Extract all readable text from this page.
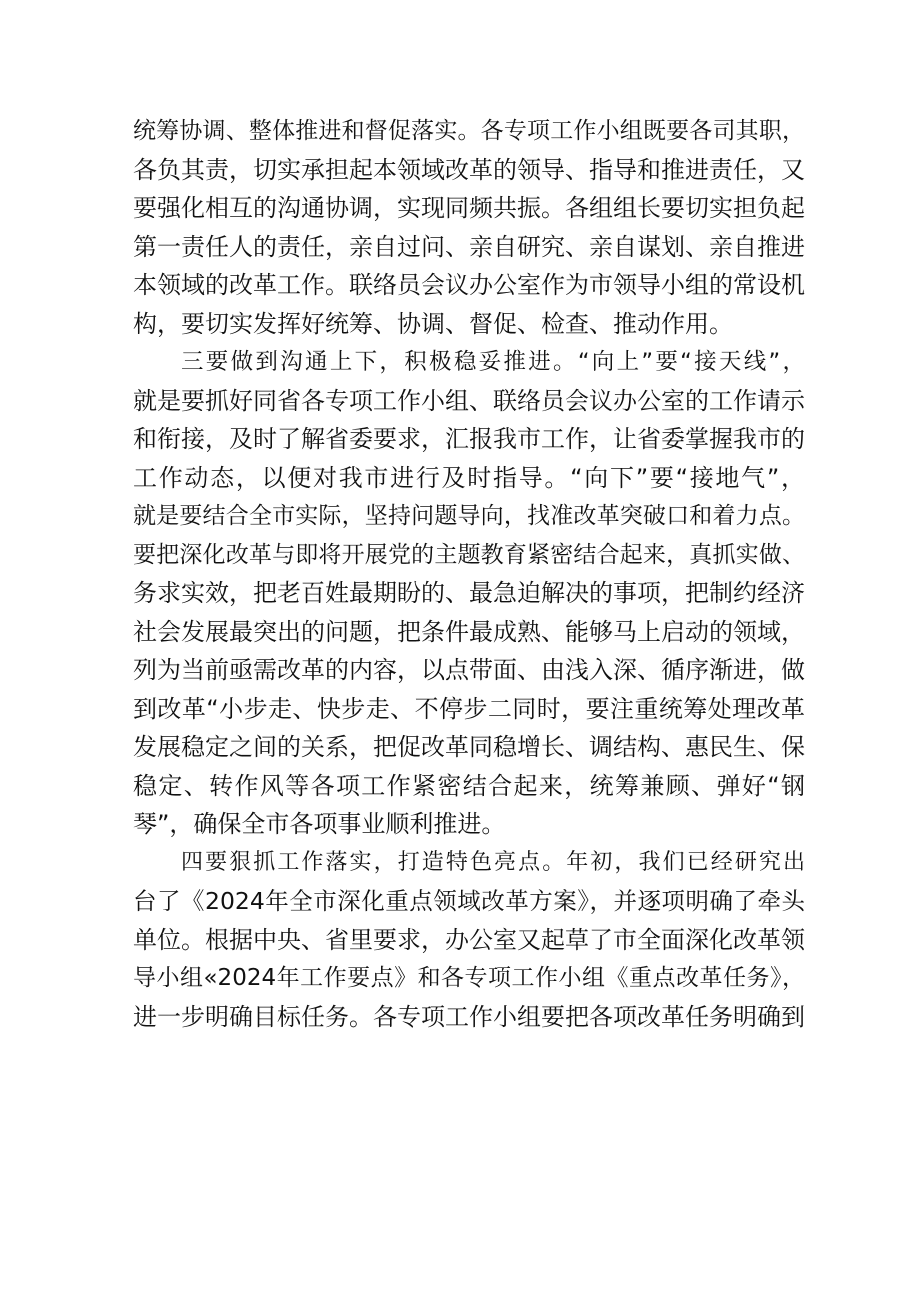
统筹协调、整体推进和督促落实。各专项工作小组既要各司其职，
各负其责，切实承担起本领域改革的领导、指导和推进责任，又
要强化相互的沟通协调，实现同频共振。各组组长要切实担负起
第一责任人的责任，亲自过问、亲自研究、亲自谋划、亲自推进
本领域的改革工作。联络员会议办公室作为市领导小组的常设机
构，要切实发挥好统筹、协调、督促、检查、推动作用。

三要做到沟通上下，积极稳妥推进。“向上”要“接天线”，
就是要抓好同省各专项工作小组、联络员会议办公室的工作请示
和衔接，及时了解省委要求，汇报我市工作，让省委掌握我市的
工作动态，以便对我市进行及时指导。“向下”要“接地气”，
就是要结合全市实际，坚持问题导向，找准改革突破口和着力点。
要把深化改革与即将开展党的主题教育紧密结合起来，真抓实做、
务求实效，把老百姓最期盼的、最急迫解决的事项，把制约经济
社会发展最突出的问题，把条件最成熟、能够马上启动的领域，
列为当前亟需改革的内容，以点带面、由浅入深、循序渐进，做
到改革“小步走、快步走、不停步二同时，要注重统筹处理改革
发展稳定之间的关系，把促改革同稳增长、调结构、惠民生、保
稳定、转作风等各项工作紧密结合起来，统筹兼顾、弹好“钢
琴”，确保全市各项事业顺利推进。

四要狠抓工作落实，打造特色亮点。年初，我们已经研究出
台了《2024年全市深化重点领域改革方案》，并逐项明确了牵头
单位。根据中央、省里要求，办公室又起草了市全面深化改革领
导小组«2024年工作要点》和各专项工作小组《重点改革任务》，
进一步明确目标任务。各专项工作小组要把各项改革任务明确到
